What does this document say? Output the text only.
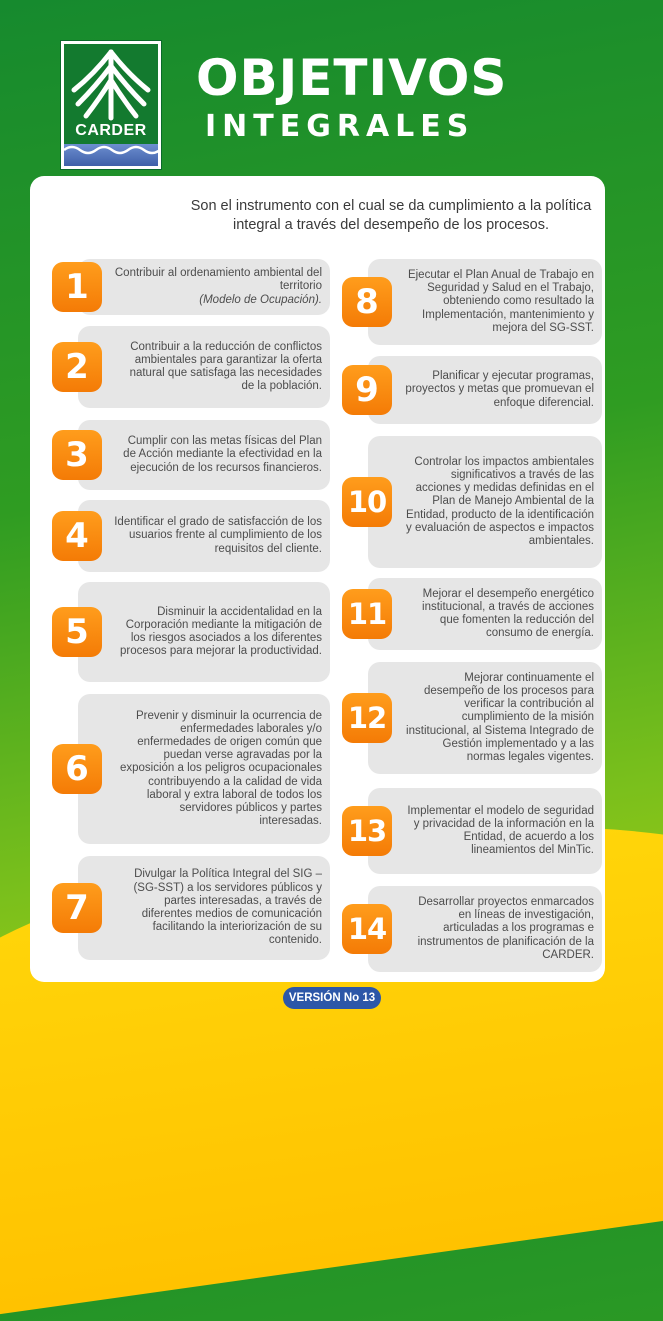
CARDER
OBJETIVOS
INTEGRALES
Son el instrumento con el cual se da cumplimiento a la política integral a través del desempeño de los procesos.
1	Contribuir al ordenamiento ambiental del territorio
(Modelo de Ocupación).
2
Contribuir a la reducción de conflictos ambientales para garantizar la oferta natural que satisfaga las necesidades de la población.
3	Cumplir con las metas físicas del Plan de Acción mediante la efectividad en la ejecución de los recursos financieros.
4	Identificar el grado de satisfacción de los usuarios frente al cumplimiento de los requisitos del cliente.
5
Disminuir la accidentalidad en la Corporación mediante la mitigación de los riesgos asociados a los diferentes procesos para mejorar la productividad.
6
Prevenir y disminuir la ocurrencia de enfermedades laborales y/o enfermedades de origen común que puedan verse agravadas por la exposición a los peligros ocupacionales contribuyendo a la calidad de vida laboral y extra laboral de todos los servidores públicos y partes interesadas.
7
Divulgar la Política Integral del SIG – (SG-SST) a los servidores públicos y partes interesadas, a través de diferentes medios de comunicación facilitando la interiorización de su contenido.
8
Ejecutar el Plan Anual de Trabajo en Seguridad y Salud en el Trabajo, obteniendo como resultado la Implementación, mantenimiento y mejora del SG-SST.
9	Planificar y ejecutar programas, proyectos y metas que promuevan el enfoque diferencial.
10
Controlar los impactos ambientales significativos a través de las acciones y medidas definidas en el Plan de Manejo Ambiental de la Entidad, producto de la identificación y evaluación de aspectos e impactos ambientales.
11
Mejorar el desempeño energético institucional, a través de acciones que fomenten la reducción del consumo de energía.
12
Mejorar continuamente el desempeño de los procesos para verificar la contribución al cumplimiento de la misión institucional, al Sistema Integrado de Gestión implementado y a las normas legales vigentes.
13
Implementar el modelo de seguridad y privacidad de la información en la Entidad, de acuerdo a los lineamientos del MinTic.
14
Desarrollar proyectos enmarcados en líneas de investigación, articuladas a los programas e instrumentos de planificación de la CARDER.
VERSIÓN No 13
